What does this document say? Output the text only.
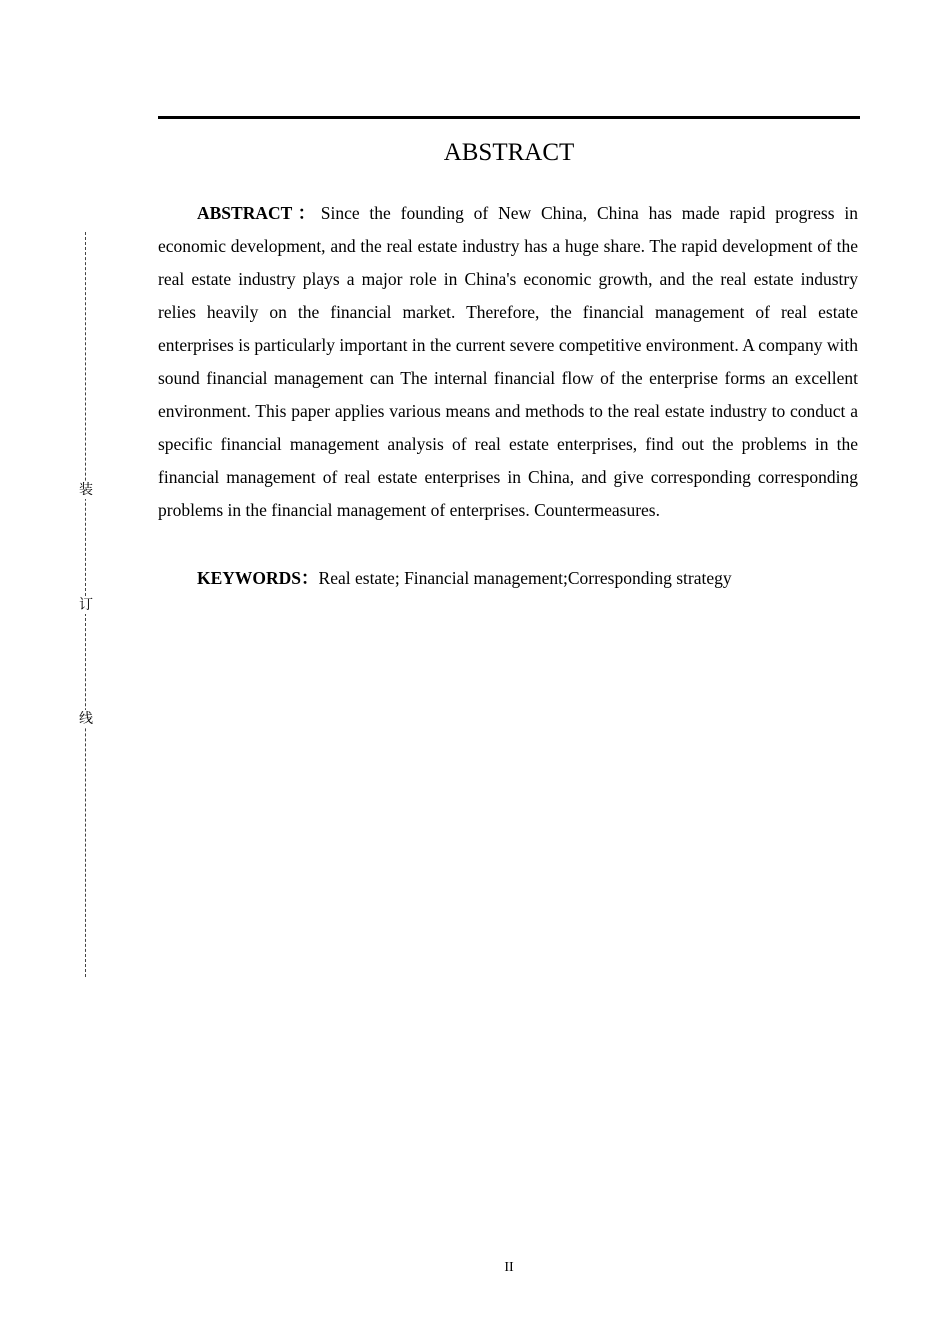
ABSTRACT

ABSTRACT：Since the founding of New China, China has made rapid progress in economic development, and the real estate industry has a huge share. The rapid development of the real estate industry plays a major role in China's economic growth, and the real estate industry relies heavily on the financial market. Therefore, the financial management of real estate enterprises is particularly important in the current severe competitive environment. A company with sound financial management can The internal financial flow of the enterprise forms an excellent environment. This paper applies various means and methods to the real estate industry to conduct a specific financial management analysis of real estate enterprises, find out the problems in the financial management of real estate enterprises in China, and give corresponding corresponding problems in the financial management of enterprises. Countermeasures.

KEYWORDS：Real estate; Financial management;Corresponding strategy

装
订
线
II
